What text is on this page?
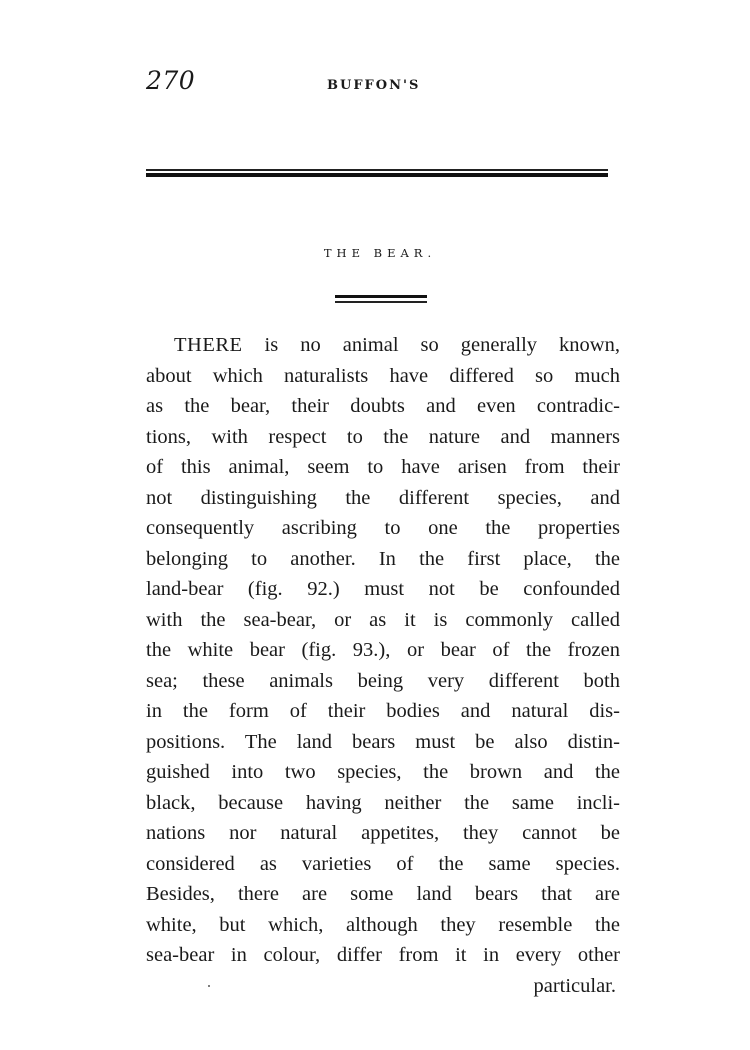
270	BUFFON'S
THE BEAR.
THERE is no animal so generally known,
about which naturalists have differed so much
as the bear, their doubts and even contradic-
tions, with respect to the nature and manners
of this animal, seem to have arisen from their
not distinguishing the different species, and
consequently ascribing to one the properties
belonging to another. In the first place, the
land-bear (fig. 92.) must not be confounded
with the sea-bear, or as it is commonly called
the white bear (fig. 93.), or bear of the frozen
sea; these animals being very different both
in the form of their bodies and natural dis-
positions. The land bears must be also distin-
guished into two species, the brown and the
black, because having neither the same incli-
nations nor natural appetites, they cannot be
considered as varieties of the same species.
Besides, there are some land bears that are
white, but which, although they resemble the
sea-bear in colour, differ from it in every other
particular.
